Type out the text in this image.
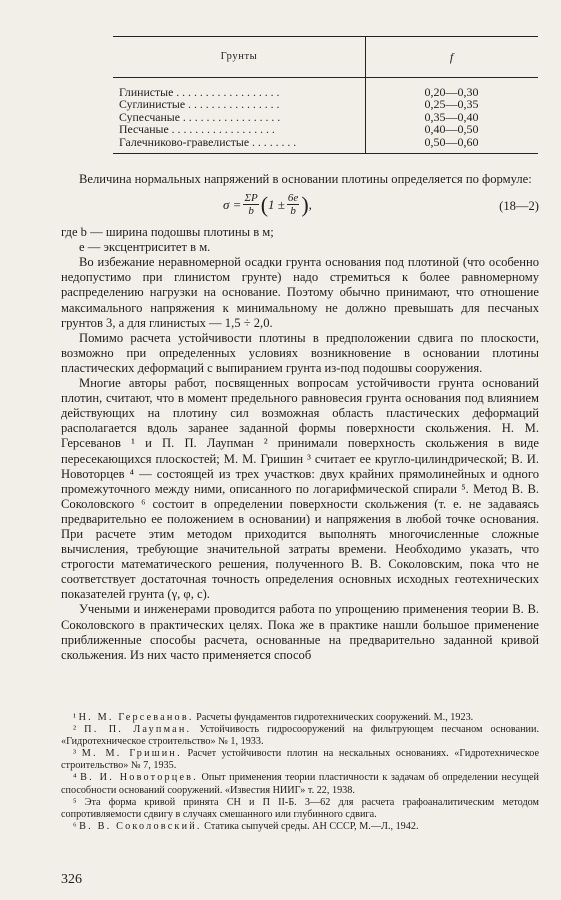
Грунты	f
Глинистые . . . . . . . . . . . . . . . . . .
Суглинистые . . . . . . . . . . . . . . . .
Супесчаные . . . . . . . . . . . . . . . . .
Песчаные . . . . . . . . . . . . . . . . . .
Галечниково-гравелистые . . . . . . . .
0,20—0,30
0,25—0,35
0,35—0,40
0,40—0,50
0,50—0,60

Величина нормальных напряжений в основании плотины определяется по формуле:

$\sigma = \frac{\Sigma P}{b}$ ( $1 \pm \frac{6e}{b}$ ) ,	(18—2)

где b — ширина подошвы плотины в м;

e — эксцентриситет в м.

Во избежание неравномерной осадки грунта основания под плотиной (что особенно недопустимо при глинистом грунте) надо стремиться к более равномерному распределению нагрузки на основание. Поэтому обычно принимают, что отношение максимального напряжения к минимальному не должно превышать для песчаных грунтов 3, а для глинистых — 1,5 ÷ 2,0.

Помимо расчета устойчивости плотины в предположении сдвига по плоскости, возможно при определенных условиях возникновение в основании плотины пластических деформаций с выпиранием грунта из-под подошвы сооружения.

Многие авторы работ, посвященных вопросам устойчивости грунта оснований плотин, считают, что в момент предельного равновесия грунта основания под влиянием действующих на плотину сил возможная область пластических деформаций располагается вдоль заранее заданной формы поверхности скольжения. Н. М. Герсеванов ¹ и П. П. Лаупман ² принимали поверхность скольжения в виде пересекающихся плоскостей; М. М. Гришин ³ считает ее кругло-цилиндрической; В. И. Новоторцев ⁴ — состоящей из трех участков: двух крайних прямолинейных и одного промежуточного между ними, описанного по логарифмической спирали ⁵. Метод В. В. Соколовского ⁶ состоит в определении поверхности скольжения (т. е. не задаваясь предварительно ее положением в основании) и напряжения в любой точке основания. При расчете этим методом приходится выполнять многочисленные сложные вычисления, требующие значительной затраты времени. Необходимо указать, что строгости математического решения, полученного В. В. Соколовским, пока что не соответствует достаточная точность определения основных исходных геотехнических показателей грунта (γ, φ, c).

Учеными и инженерами проводится работа по упрощению применения теории В. В. Соколовского в практических целях. Пока же в практике нашли большое применение приближенные способы расчета, основанные на предварительно заданной кривой скольжения. Из них часто применяется способ

¹ Н. М. Герсеванов. Расчеты фундаментов гидротехнических сооружений. М., 1923.

² П. П. Лаупман. Устойчивость гидросооружений на фильтрующем песчаном основании. «Гидротехническое строительство» № 1, 1933.

³ М. М. Гришин. Расчет устойчивости плотин на нескальных основаниях. «Гидротехническое строительство» № 7, 1935.

⁴ В. И. Новоторцев. Опыт применения теории пластичности к задачам об определении несущей способности оснований сооружений. «Известия НИИГ» т. 22, 1938.

⁵ Эта форма кривой принята СН и П II-Б. 3—62 для расчета графоаналитическим методом сопротивляемости сдвигу в случаях смешанного или глубинного сдвига.

⁶ В. В. Соколовский. Статика сыпучей среды. АН СССР, М.—Л., 1942.

326
